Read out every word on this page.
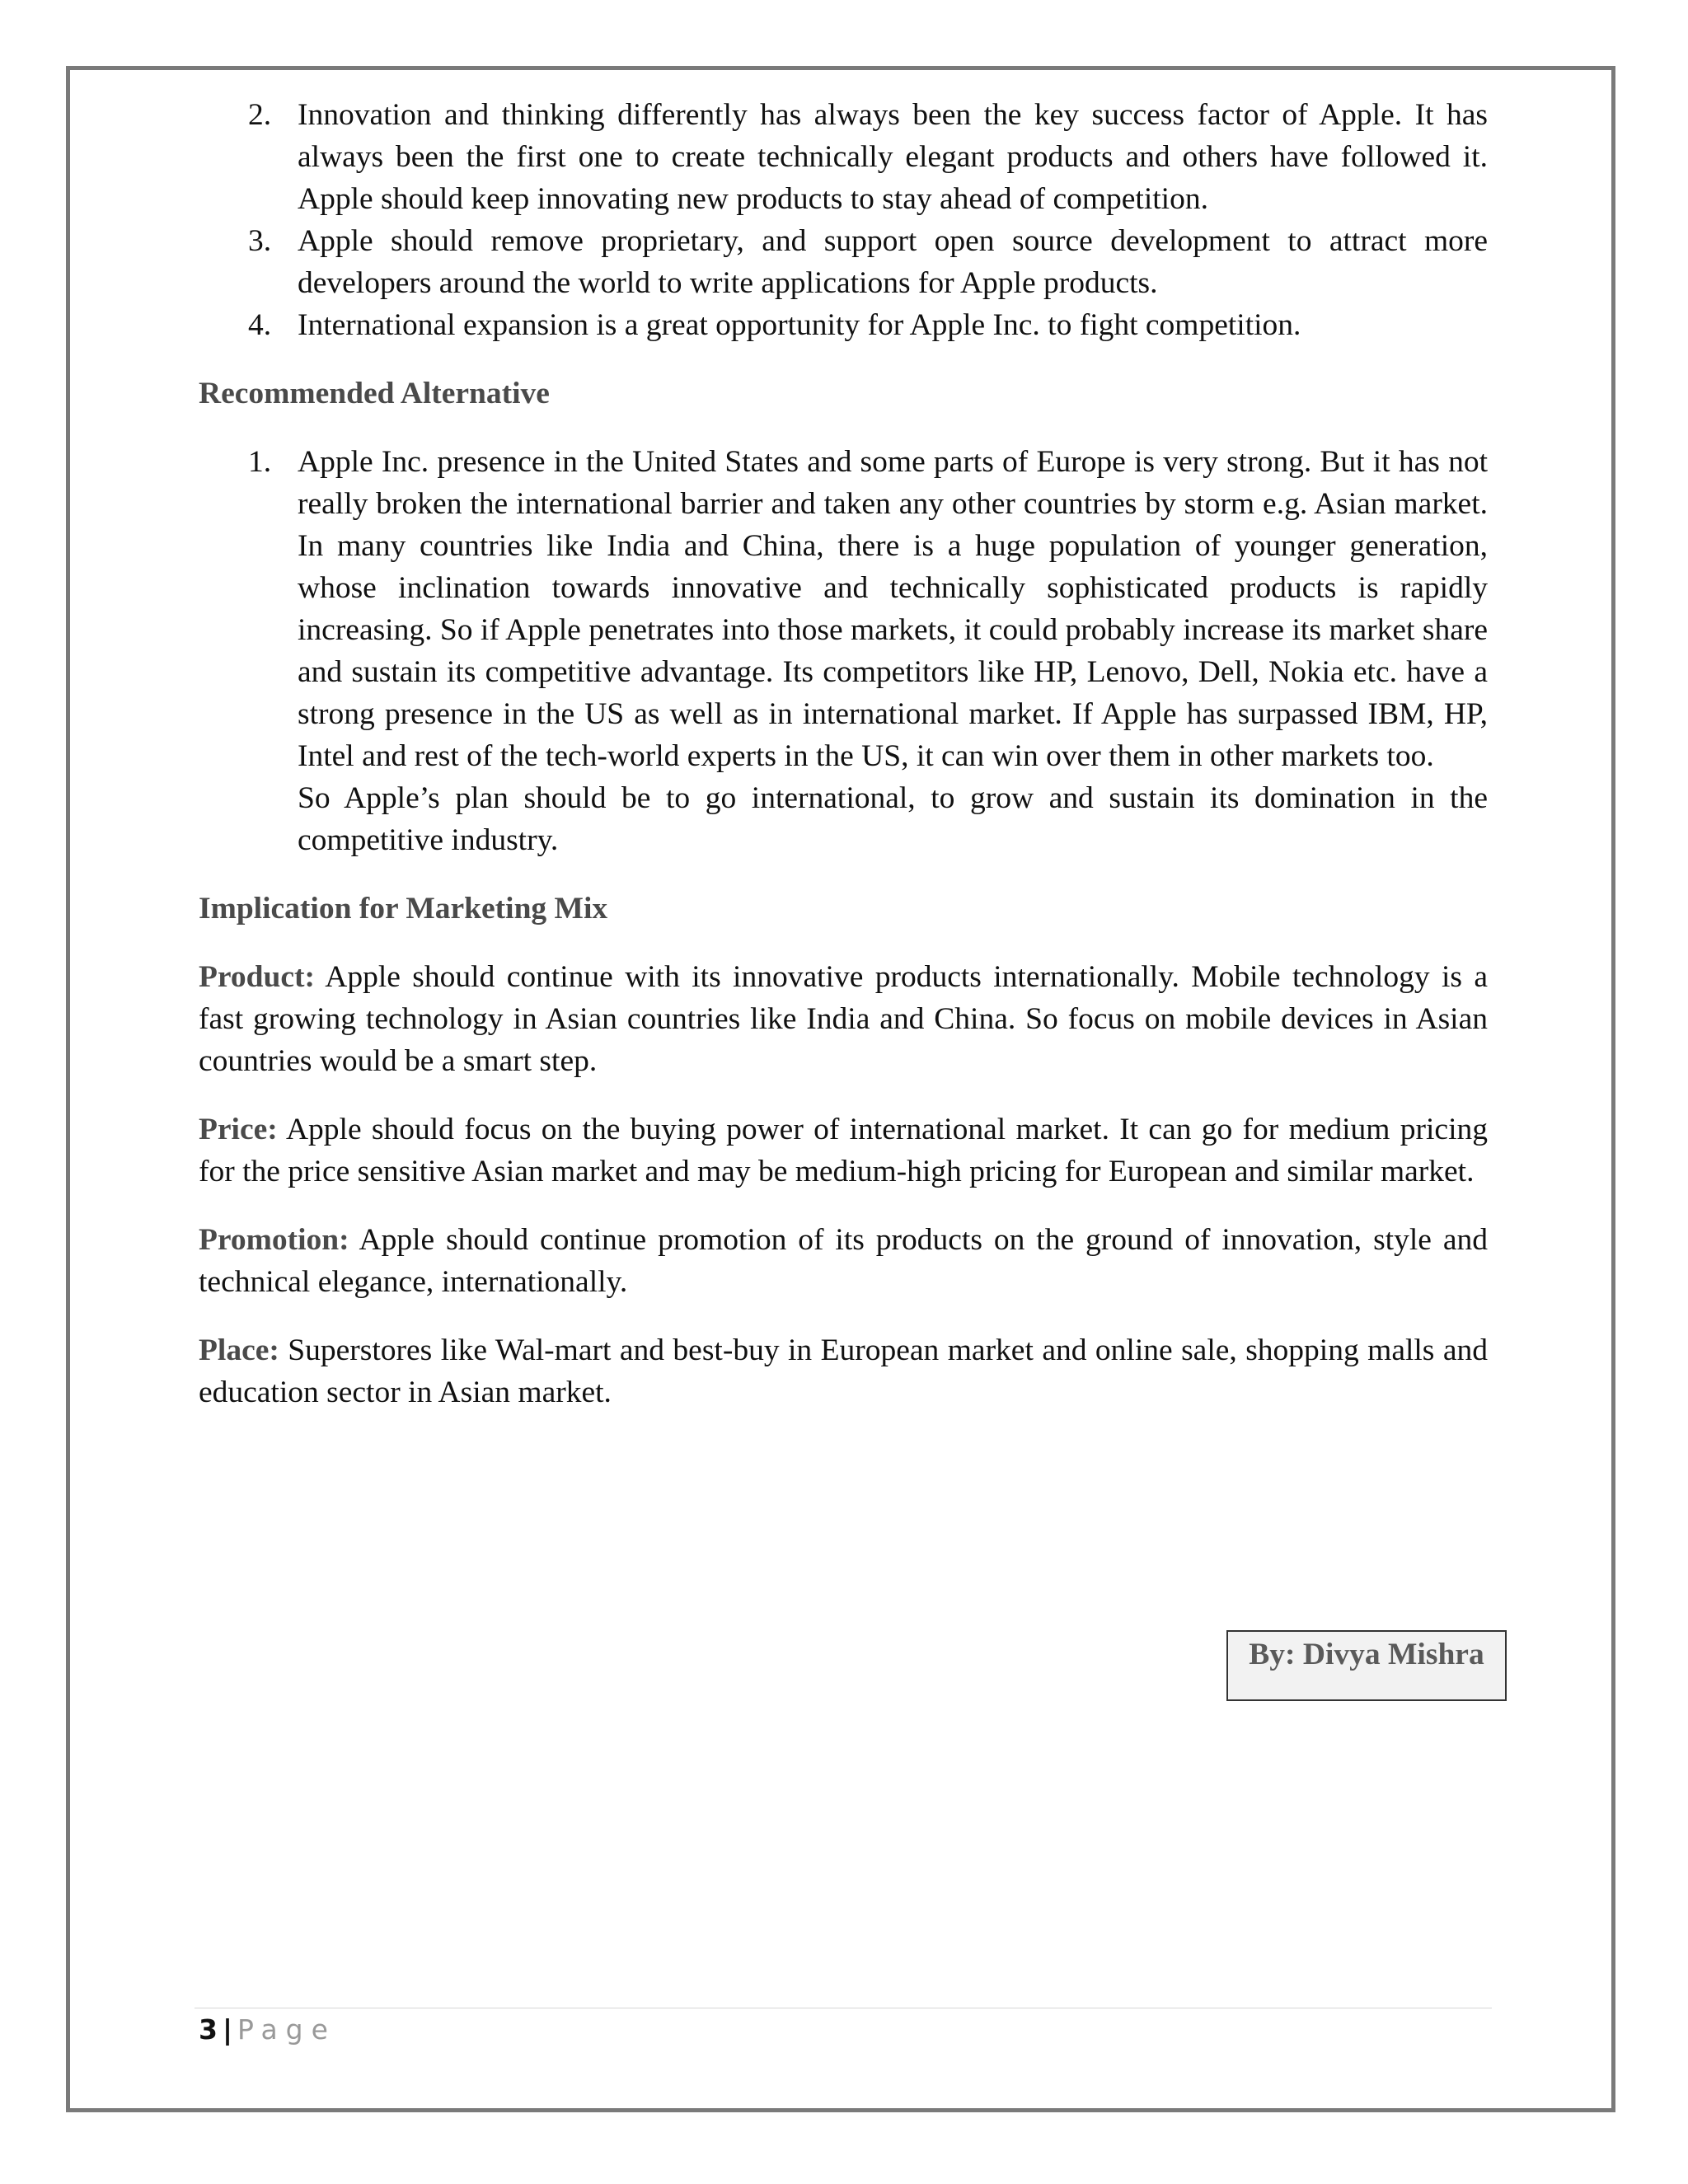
2. Innovation and thinking differently has always been the key success factor of Apple. It has always been the first one to create technically elegant products and others have followed it. Apple should keep innovating new products to stay ahead of competition.
3. Apple should remove proprietary, and support open source development to attract more developers around the world to write applications for Apple products.
4. International expansion is a great opportunity for Apple Inc. to fight competition.
Recommended Alternative
1. Apple Inc. presence in the United States and some parts of Europe is very strong. But it has not really broken the international barrier and taken any other countries by storm e.g. Asian market. In many countries like India and China, there is a huge population of younger generation, whose inclination towards innovative and technically sophisticated products is rapidly increasing. So if Apple penetrates into those markets, it could probably increase its market share and sustain its competitive advantage. Its competitors like HP, Lenovo, Dell, Nokia etc. have a strong presence in the US as well as in international market. If Apple has surpassed IBM, HP, Intel and rest of the tech-world experts in the US, it can win over them in other markets too.
So Apple’s plan should be to go international, to grow and sustain its domination in the competitive industry.
Implication for Marketing Mix

Product: Apple should continue with its innovative products internationally. Mobile technology is a fast growing technology in Asian countries like India and China. So focus on mobile devices in Asian countries would be a smart step.

Price: Apple should focus on the buying power of international market. It can go for medium pricing for the price sensitive Asian market and may be medium-high pricing for European and similar market.

Promotion: Apple should continue promotion of its products on the ground of innovation, style and technical elegance, internationally.

Place: Superstores like Wal-mart and best-buy in European market and online sale, shopping malls and education sector in Asian market.

By: Divya Mishra
3 | Page
